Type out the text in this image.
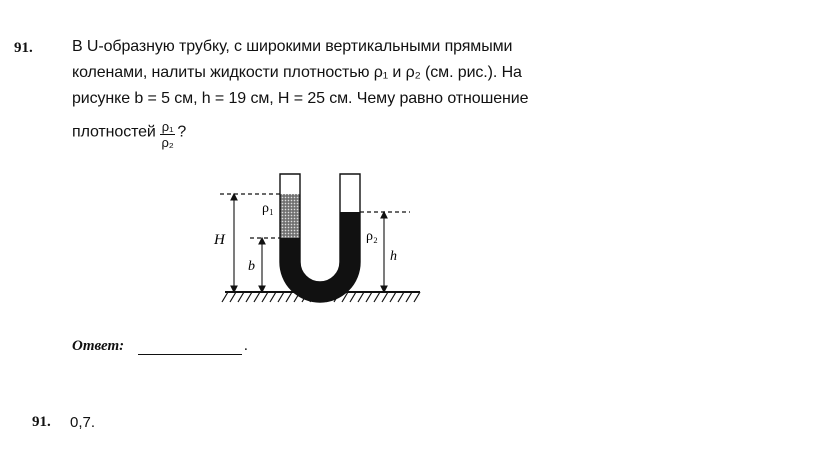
91. В U-образную трубку, с широкими вертикальными прямыми
коленами, налиты жидкости плотностью ρ₁ и ρ₂ (см. рис.). На
рисунке b = 5 см, h = 19 см, H = 25 см. Чему равно отношение
плотностей $\frac{\text{ρ₁}}{\text{ρ₂}}$ ?
H
b
h
ρ₁
ρ₂
Ответ:	.
91. 0,7.
